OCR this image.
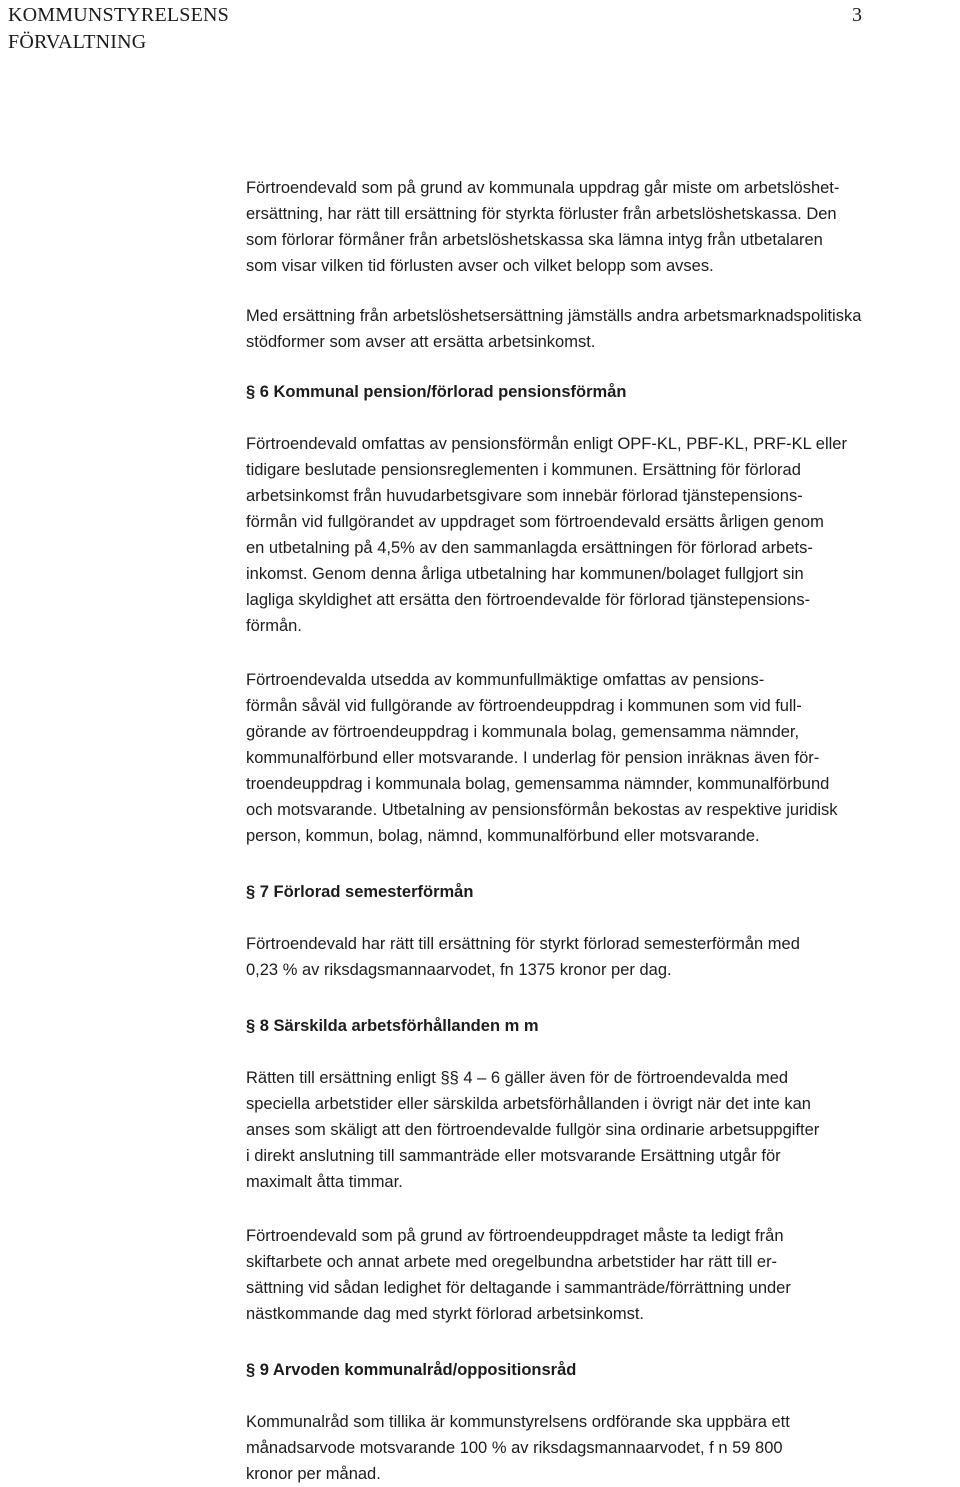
KOMMUNSTYRELSENS
FÖRVALTNING
3

Förtroendevald som på grund av kommunala uppdrag går miste om arbetslöshet-
ersättning, har rätt till ersättning för styrkta förluster från arbetslöshetskassa. Den
som förlorar förmåner från arbetslöshetskassa ska lämna intyg från utbetalaren
som visar vilken tid förlusten avser och vilket belopp som avses.

Med ersättning från arbetslöshetsersättning jämställs andra arbetsmarknadspolitiska
stödformer som avser att ersätta arbetsinkomst.

§ 6 Kommunal pension/förlorad pensionsförmån

Förtroendevald omfattas av pensionsförmån enligt OPF-KL, PBF-KL, PRF-KL eller
tidigare beslutade pensionsreglementen i kommunen. Ersättning för förlorad
arbetsinkomst från huvudarbetsgivare som innebär förlorad tjänstepensions-
förmån vid fullgörandet av uppdraget som förtroendevald ersätts årligen genom
en utbetalning på 4,5% av den sammanlagda ersättningen för förlorad arbets-
inkomst. Genom denna årliga utbetalning har kommunen/bolaget fullgjort sin
lagliga skyldighet att ersätta den förtroendevalde för förlorad tjänstepensions-
förmån.

Förtroendevalda utsedda av kommunfullmäktige omfattas av pensions-
förmån såväl vid fullgörande av förtroendeuppdrag i kommunen som vid full-
görande av förtroendeuppdrag i kommunala bolag, gemensamma nämnder,
kommunalförbund eller motsvarande. I underlag för pension inräknas även för-
troendeuppdrag i kommunala bolag, gemensamma nämnder, kommunalförbund
och motsvarande. Utbetalning av pensionsförmån bekostas av respektive juridisk
person, kommun, bolag, nämnd, kommunalförbund eller motsvarande.

§ 7 Förlorad semesterförmån

Förtroendevald har rätt till ersättning för styrkt förlorad semesterförmån med
0,23 % av riksdagsmannaarvodet, fn 1375 kronor per dag.

§ 8 Särskilda arbetsförhållanden m m

Rätten till ersättning enligt §§ 4 – 6 gäller även för de förtroendevalda med
speciella arbetstider eller särskilda arbetsförhållanden i övrigt när det inte kan
anses som skäligt att den förtroendevalde fullgör sina ordinarie arbetsuppgifter
i direkt anslutning till sammanträde eller motsvarande Ersättning utgår för
maximalt åtta timmar.

Förtroendevald som på grund av förtroendeuppdraget måste ta ledigt från
skiftarbete och annat arbete med oregelbundna arbetstider har rätt till er-
sättning vid sådan ledighet för deltagande i sammanträde/förrättning under
nästkommande dag med styrkt förlorad arbetsinkomst.

§ 9 Arvoden kommunalråd/oppositionsråd

Kommunalråd som tillika är kommunstyrelsens ordförande ska uppbära ett
månadsarvode motsvarande 100 % av riksdagsmannaarvodet, f n 59 800
kronor per månad.
